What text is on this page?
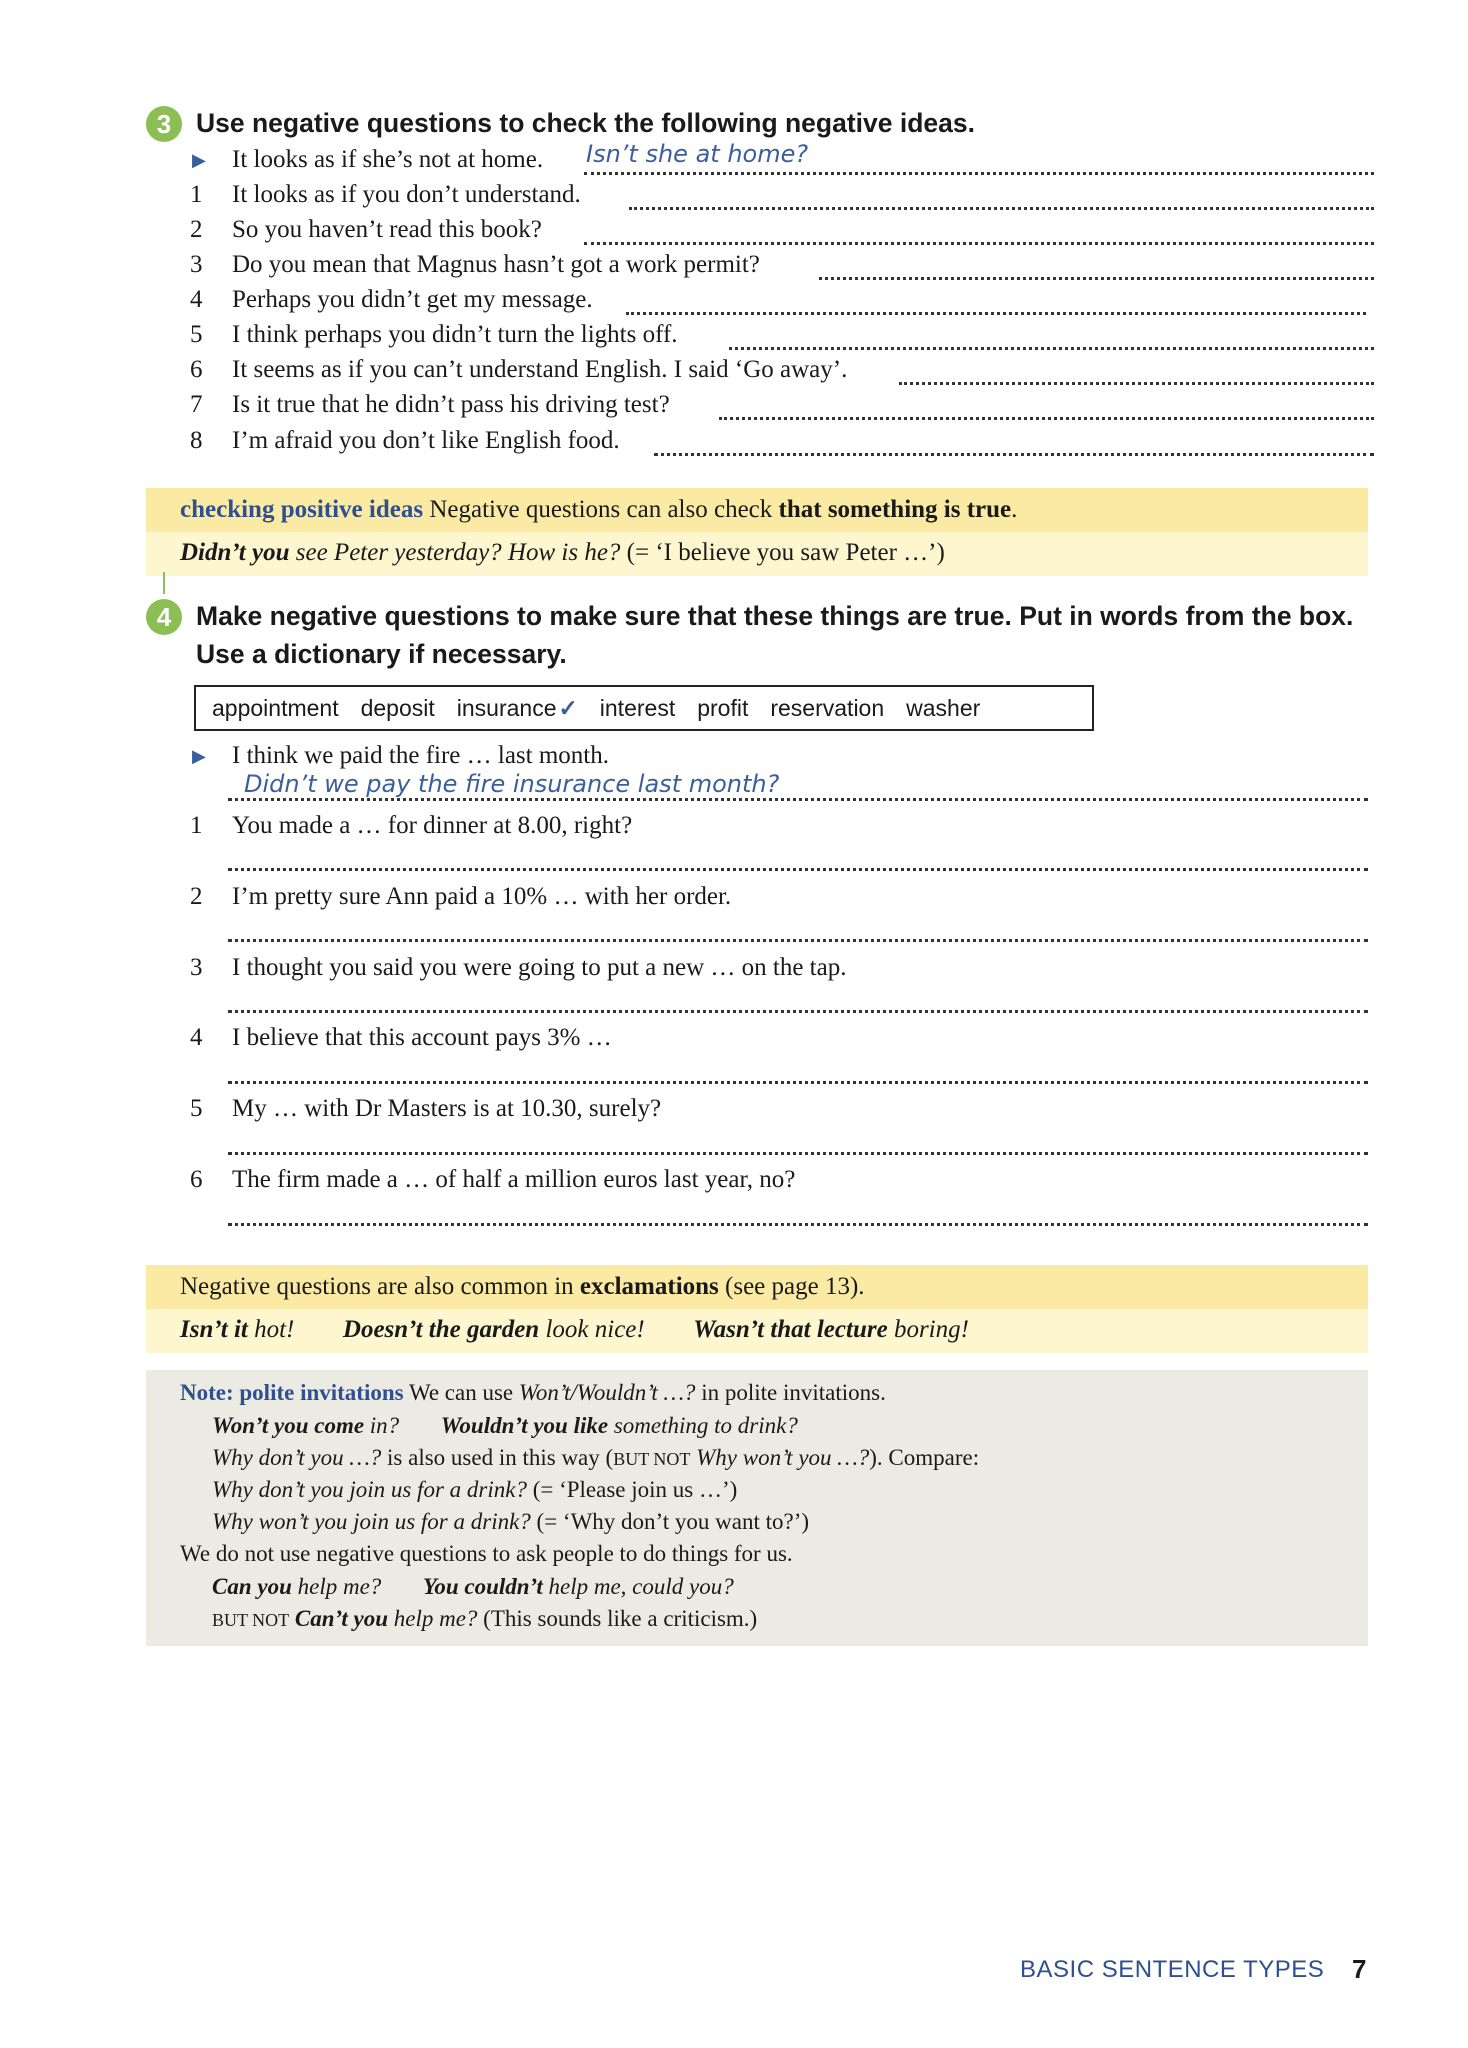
3 Use negative questions to check the following negative ideas.
▶ It looks as if she’s not at home. Isn’t she at home?
1	It looks as if you don’t understand.
2	So you haven’t read this book?
3	Do you mean that Magnus hasn’t got a work permit?
4	Perhaps you didn’t get my message.
5	I think perhaps you didn’t turn the lights off.
6	It seems as if you can’t understand English. I said ‘Go away’.
7	Is it true that he didn’t pass his driving test?
8	I’m afraid you don’t like English food.
checking positive ideas Negative questions can also check that something is true.
Didn’t you see Peter yesterday? How is he? (= ‘I believe you saw Peter …’)
4 Make negative questions to make sure that these things are true. Put in words from the box.
Use a dictionary if necessary.
appointment deposit insurance✓ interest profit reservation washer
▶ I think we paid the fire … last month.
Didn’t we pay the fire insurance last month?
1	You made a … for dinner at 8.00, right?
2	I’m pretty sure Ann paid a 10% … with her order.
3	I thought you said you were going to put a new … on the tap.
4	I believe that this account pays 3% …
5	My … with Dr Masters is at 10.30, surely?
6	The firm made a … of half a million euros last year, no?
Negative questions are also common in exclamations (see page 13).
Isn’t it hot! Doesn’t the garden look nice! Wasn’t that lecture boring!
Note: polite invitations We can use Won’t/Wouldn’t …? in polite invitations.
Won’t you come in? Wouldn’t you like something to drink?
Why don’t you …? is also used in this way (BUT NOT Why won’t you …?). Compare:
Why don’t you join us for a drink? (= ‘Please join us …’)
Why won’t you join us for a drink? (= ‘Why don’t you want to?’)
We do not use negative questions to ask people to do things for us.
Can you help me? You couldn’t help me, could you?
BUT NOT Can’t you help me? (This sounds like a criticism.)
BASIC SENTENCE TYPES 7
